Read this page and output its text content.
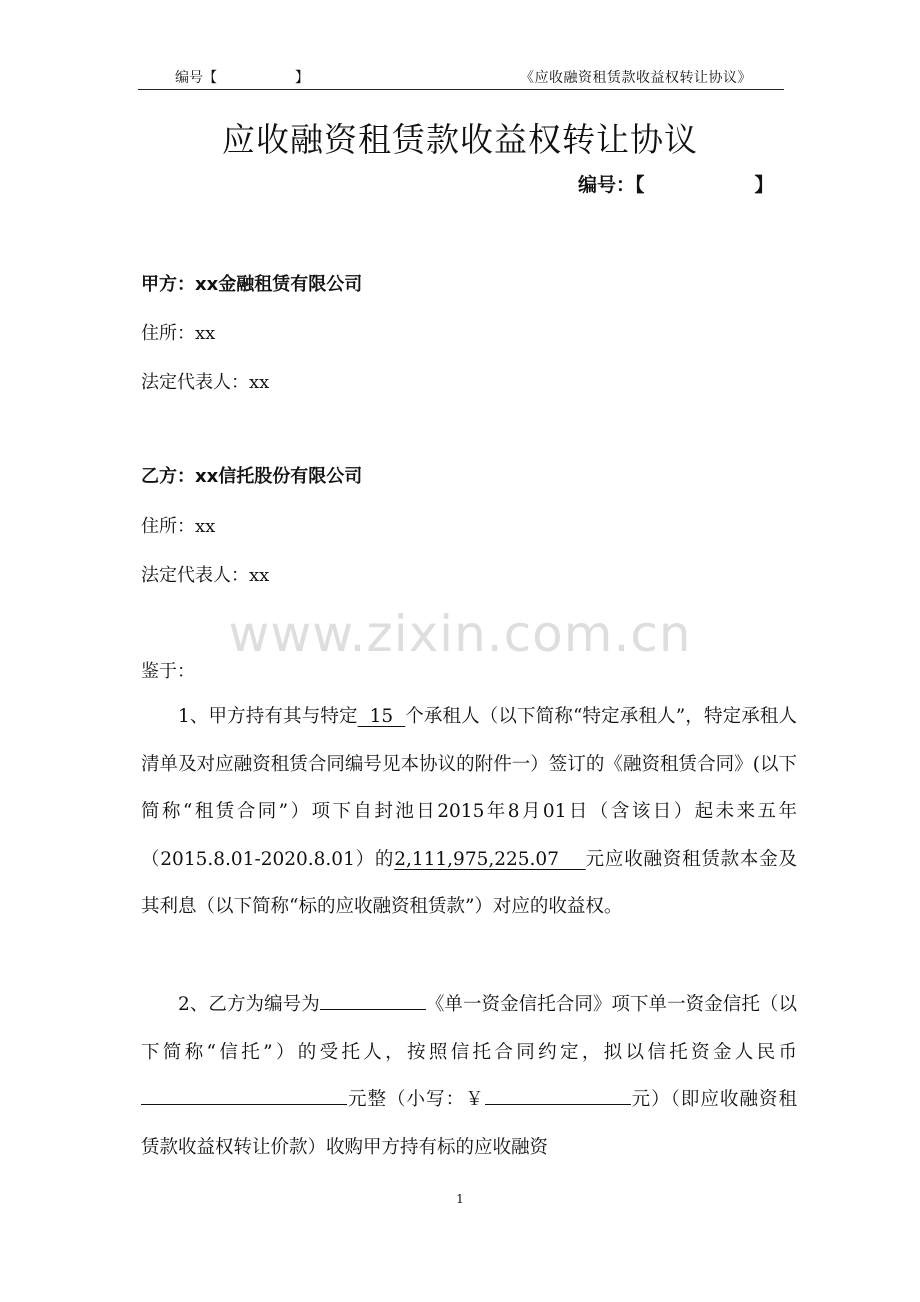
编号【	】	《应收融资租赁款收益权转让协议》
应收融资租赁款收益权转让协议
编号：【	】
甲方：xx金融租赁有限公司
住所：xx
法定代表人：xx
乙方：xx信托股份有限公司
住所：xx
法定代表人：xx
www.zixin.com.cn
鉴于：
1、甲方持有其与特定  15  个承租人（以下简称“特定承租人”，特定承租人清单及对应融资租赁合同编号见本协议的附件一）签订的《融资租赁合同》(以下简称“租赁合同”）项下自封池日2015年8月01日（含该日）起未来五年（2015.8.01-2020.8.01）的2,111,975,225.07    元应收融资租赁款本金及其利息（以下简称“标的应收融资租赁款”）对应的收益权。
2、乙方为编号为	《单一资金信托合同》项下单一资金信托（以下简称“信托”）的受托人，按照信托合同约定，拟以信托资金人民币元整（小写：￥	元）（即应收融资租赁款收益权转让价款）收购甲方持有标的应收融资
1
